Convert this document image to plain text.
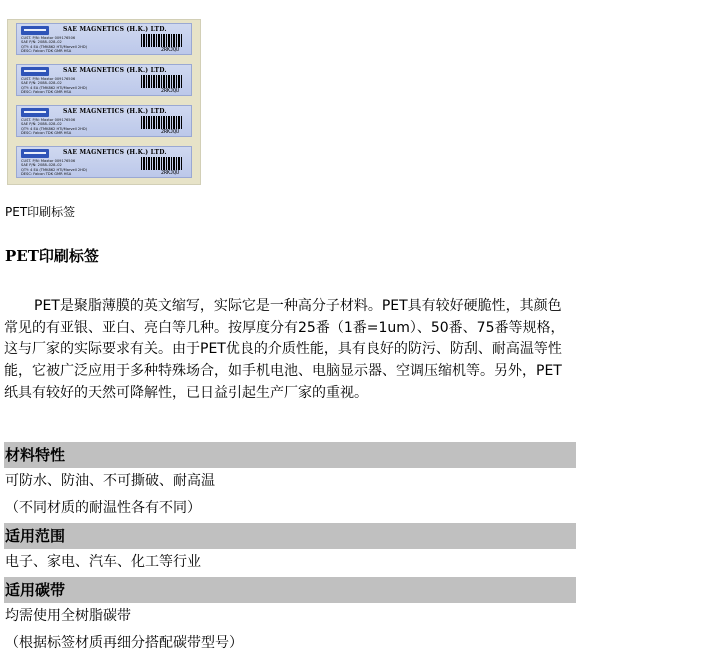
SAE MAGNETICS (H.K.) LTD.
CUST. P/N: Maxtor 009176506
SAE P/N: 2088–028–02
QTY: 4 EA (TMK862 HTI/Marvell 2HD)
DESC: Falcon TDK GMR HSA	2RKJQU
SAE MAGNETICS (H.K.) LTD.
CUST. P/N: Maxtor 009176506
SAE P/N: 2088–028–02
QTY: 4 EA (TMK862 HTI/Marvell 2HD)
DESC: Falcon TDK GMR HSA	2RKJQU
SAE MAGNETICS (H.K.) LTD.
CUST. P/N: Maxtor 009176506
SAE P/N: 2088–028–02
QTY: 4 EA (TMK862 HTI/Marvell 2HD)
DESC: Falcon TDK GMR HSA	2RKJQU
SAE MAGNETICS (H.K.) LTD.
CUST. P/N: Maxtor 009176506
SAE P/N: 2088–028–02
QTY: 4 EA (TMK862 HTI/Marvell 2HD)
DESC: Falcon TDK GMR HSA	2RKJQU
PET印刷标签
PET印刷标签
PET是聚脂薄膜的英文缩写，实际它是一种高分子材料。PET具有较好硬脆性，其颜色常见的有亚银、亚白、亮白等几种。按厚度分有25番（1番=1um）、50番、75番等规格，这与厂家的实际要求有关。由于PET优良的介质性能，具有良好的防污、防刮、耐高温等性能，它被广泛应用于多种特殊场合，如手机电池、电脑显示器、空调压缩机等。另外，PET纸具有较好的天然可降解性，已日益引起生产厂家的重视。
材料特性
可防水、防油、不可撕破、耐高温
（不同材质的耐温性各有不同）
适用范围
电子、家电、汽车、化工等行业
适用碳带
均需使用全树脂碳带
（根据标签材质再细分搭配碳带型号）
